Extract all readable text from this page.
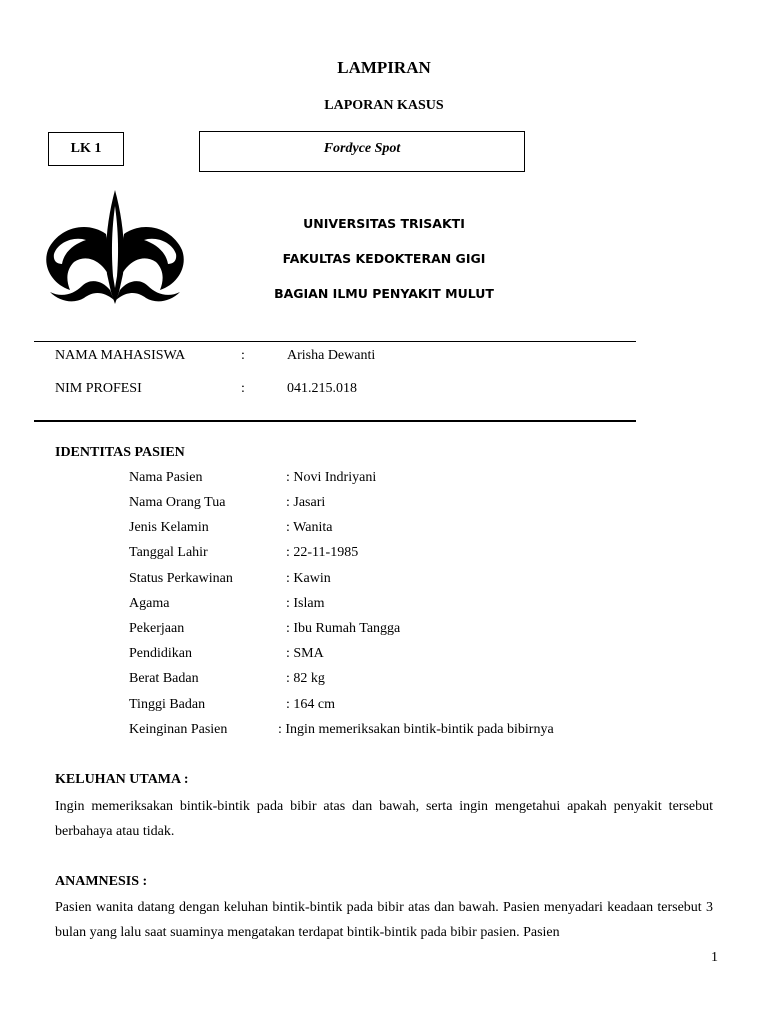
LAMPIRAN
LAPORAN KASUS
LK 1	Fordyce Spot
UNIVERSITAS TRISAKTI
FAKULTAS KEDOKTERAN GIGI
BAGIAN ILMU PENYAKIT MULUT
NAMA MAHASISWA	:	Arisha Dewanti
NIM PROFESI	:	041.215.018
IDENTITAS PASIEN
Nama Pasien	: Novi Indriyani
Nama Orang Tua	: Jasari
Jenis Kelamin	: Wanita
Tanggal Lahir	: 22-11-1985
Status Perkawinan	: Kawin
Agama	: Islam
Pekerjaan	: Ibu Rumah Tangga
Pendidikan	: SMA
Berat Badan	: 82 kg
Tinggi Badan	: 164 cm
Keinginan Pasien	: Ingin memeriksakan bintik-bintik pada bibirnya
KELUHAN UTAMA :
Ingin memeriksakan bintik-bintik pada bibir atas dan bawah, serta ingin mengetahui apakah penyakit tersebut berbahaya atau tidak.
ANAMNESIS :
Pasien wanita datang dengan keluhan bintik-bintik pada bibir atas dan bawah. Pasien menyadari keadaan tersebut 3 bulan yang lalu saat suaminya mengatakan terdapat bintik-bintik pada bibir pasien. Pasien
1
